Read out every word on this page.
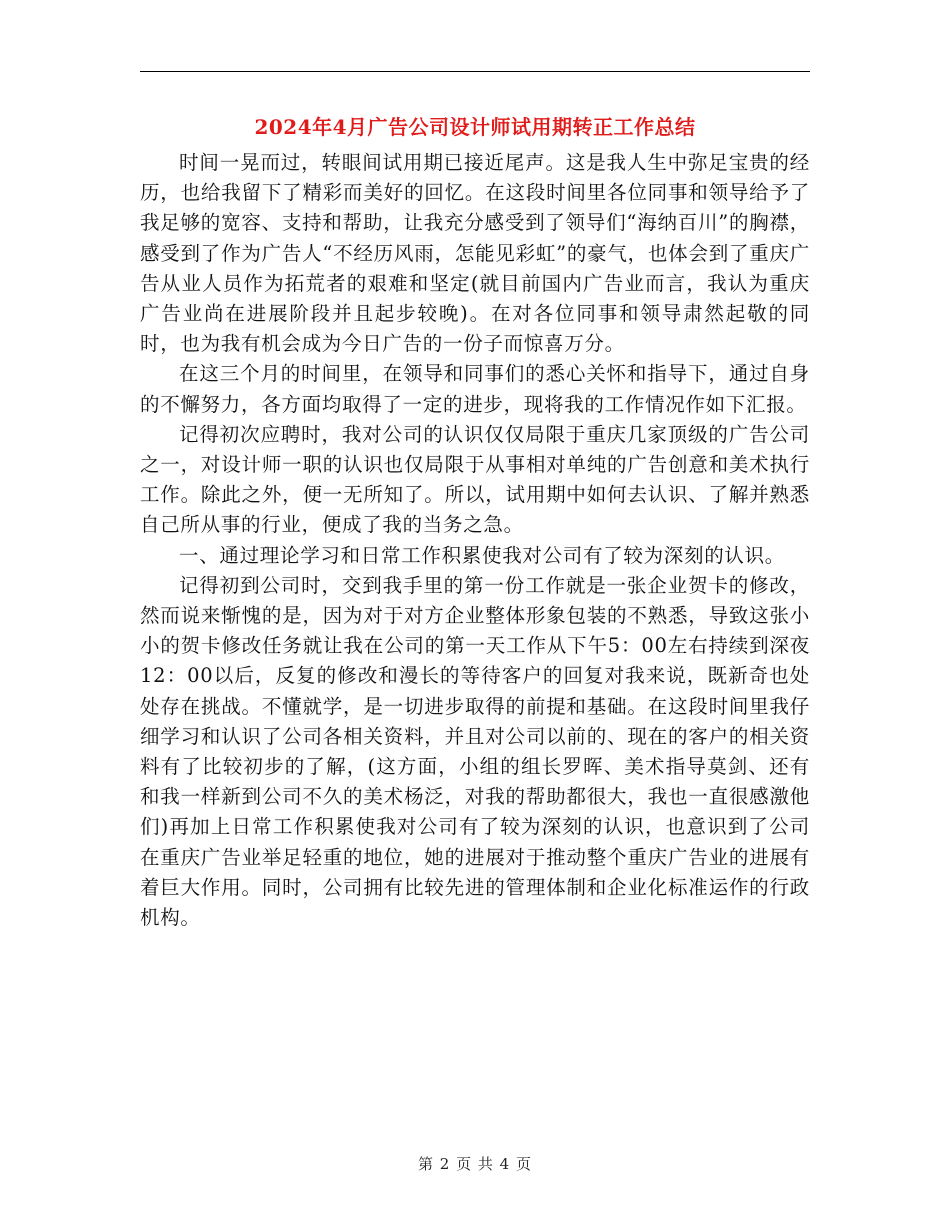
2024年4月广告公司设计师试用期转正工作总结

时间一晃而过，转眼间试用期已接近尾声。这是我人生中弥足宝贵的经历，也给我留下了精彩而美好的回忆。在这段时间里各位同事和领导给予了我足够的宽容、支持和帮助，让我充分感受到了领导们“海纳百川”的胸襟，感受到了作为广告人“不经历风雨，怎能见彩虹”的豪气，也体会到了重庆广告从业人员作为拓荒者的艰难和坚定(就目前国内广告业而言，我认为重庆广告业尚在进展阶段并且起步较晚)。在对各位同事和领导肃然起敬的同时，也为我有机会成为今日广告的一份子而惊喜万分。

在这三个月的时间里，在领导和同事们的悉心关怀和指导下，通过自身的不懈努力，各方面均取得了一定的进步，现将我的工作情况作如下汇报。

记得初次应聘时，我对公司的认识仅仅局限于重庆几家顶级的广告公司之一，对设计师一职的认识也仅局限于从事相对单纯的广告创意和美术执行工作。除此之外，便一无所知了。所以，试用期中如何去认识、了解并熟悉自己所从事的行业，便成了我的当务之急。

一、通过理论学习和日常工作积累使我对公司有了较为深刻的认识。

记得初到公司时，交到我手里的第一份工作就是一张企业贺卡的修改，然而说来惭愧的是，因为对于对方企业整体形象包装的不熟悉，导致这张小小的贺卡修改任务就让我在公司的第一天工作从下午5：00左右持续到深夜12：00以后，反复的修改和漫长的等待客户的回复对我来说，既新奇也处处存在挑战。不懂就学，是一切进步取得的前提和基础。在这段时间里我仔细学习和认识了公司各相关资料，并且对公司以前的、现在的客户的相关资料有了比较初步的了解，(这方面，小组的组长罗晖、美术指导莫剑、还有和我一样新到公司不久的美术杨泛，对我的帮助都很大，我也一直很感激他们)再加上日常工作积累使我对公司有了较为深刻的认识，也意识到了公司在重庆广告业举足轻重的地位，她的进展对于推动整个重庆广告业的进展有着巨大作用。同时，公司拥有比较先进的管理体制和企业化标准运作的行政机构。

第 2 页 共 4 页
